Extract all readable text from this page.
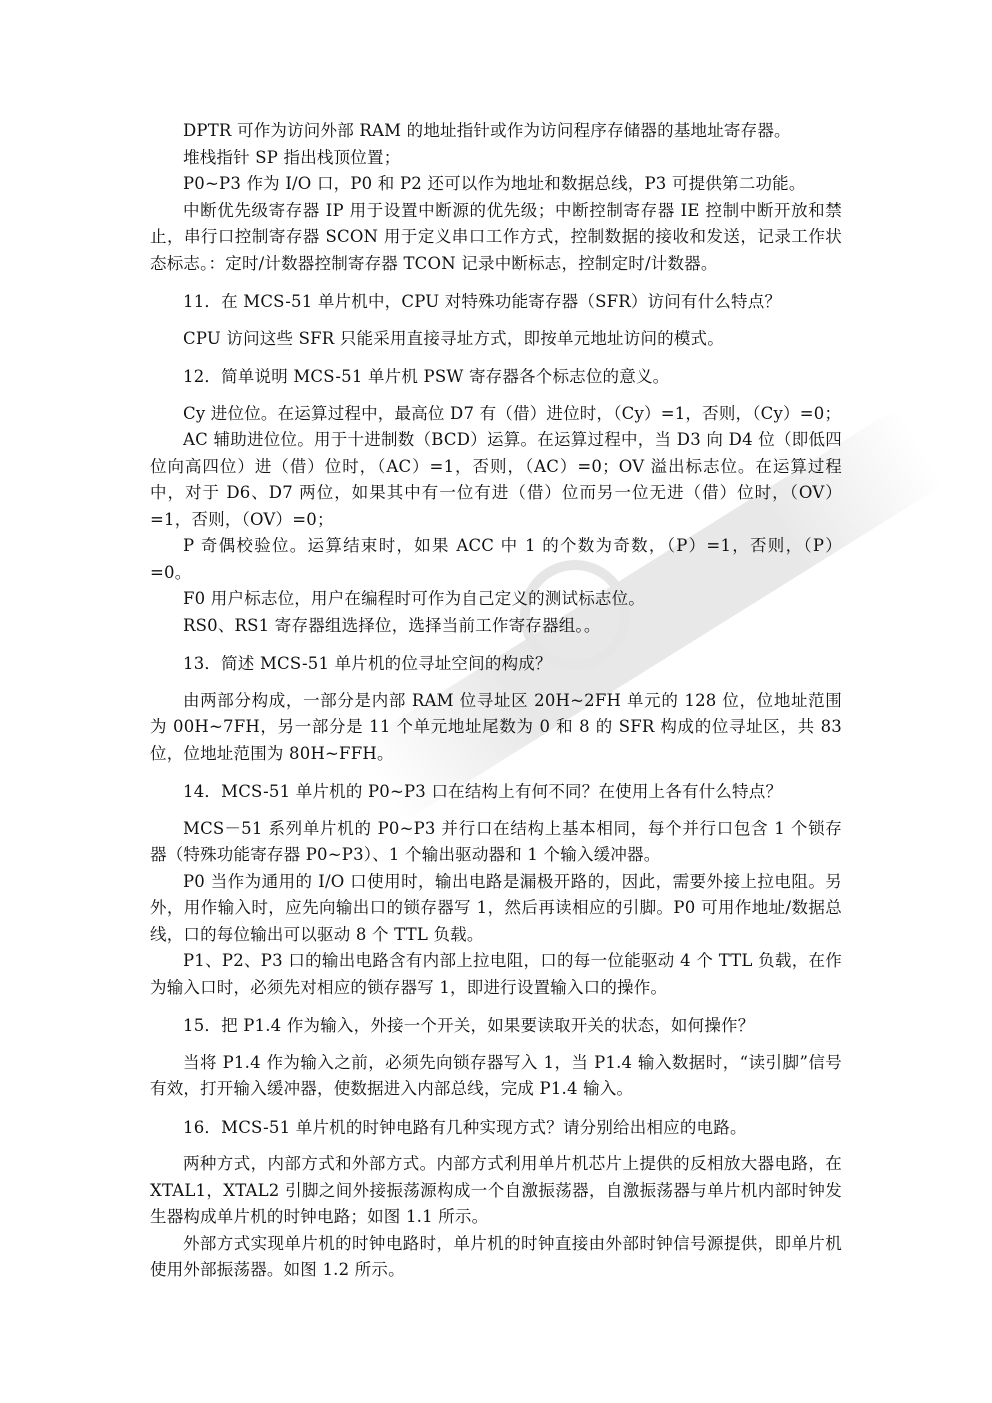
DPTR 可作为访问外部 RAM 的地址指针或作为访问程序存储器的基地址寄存器。

堆栈指针 SP 指出栈顶位置；

P0~P3 作为 I/O 口，P0 和 P2 还可以作为地址和数据总线，P3 可提供第二功能。

中断优先级寄存器 IP 用于设置中断源的优先级；中断控制寄存器 IE 控制中断开放和禁止，串行口控制寄存器 SCON 用于定义串口工作方式，控制数据的接收和发送，记录工作状态标志。：定时/计数器控制寄存器 TCON 记录中断标志，控制定时/计数器。

11．在 MCS-51 单片机中，CPU 对特殊功能寄存器（SFR）访问有什么特点？

CPU 访问这些 SFR 只能采用直接寻址方式，即按单元地址访问的模式。

12．简单说明 MCS-51 单片机 PSW 寄存器各个标志位的意义。

Cy 进位位。在运算过程中，最高位 D7 有（借）进位时，（Cy）=1，否则，（Cy）=0；

AC 辅助进位位。用于十进制数（BCD）运算。在运算过程中，当 D3 向 D4 位（即低四位向高四位）进（借）位时，（AC）=1，否则，（AC）=0；OV 溢出标志位。在运算过程中，对于 D6、D7 两位，如果其中有一位有进（借）位而另一位无进（借）位时，（OV）=1，否则，（OV）=0；

P 奇偶校验位。运算结束时，如果 ACC 中 1 的个数为奇数，（P）=1，否则，（P）=0。

F0 用户标志位，用户在编程时可作为自己定义的测试标志位。

RS0、RS1 寄存器组选择位，选择当前工作寄存器组。。

13．简述 MCS-51 单片机的位寻址空间的构成？

由两部分构成，一部分是内部 RAM 位寻址区 20H~2FH 单元的 128 位，位地址范围为 00H~7FH，另一部分是 11 个单元地址尾数为 0 和 8 的 SFR 构成的位寻址区，共 83 位，位地址范围为 80H~FFH。

14．MCS-51 单片机的 P0~P3 口在结构上有何不同？在使用上各有什么特点？

MCS－51 系列单片机的 P0~P3 并行口在结构上基本相同，每个并行口包含 1 个锁存器（特殊功能寄存器 P0~P3）、1 个输出驱动器和 1 个输入缓冲器。

P0 当作为通用的 I/O 口使用时，输出电路是漏极开路的，因此，需要外接上拉电阻。另外，用作输入时，应先向输出口的锁存器写 1，然后再读相应的引脚。P0 可用作地址/数据总线，口的每位输出可以驱动 8 个 TTL 负载。

P1、P2、P3 口的输出电路含有内部上拉电阻，口的每一位能驱动 4 个 TTL 负载，在作为输入口时，必须先对相应的锁存器写 1，即进行设置输入口的操作。

15．把 P1.4 作为输入，外接一个开关，如果要读取开关的状态，如何操作？

当将 P1.4 作为输入之前，必须先向锁存器写入 1，当 P1.4 输入数据时，“读引脚”信号有效，打开输入缓冲器，使数据进入内部总线，完成 P1.4 输入。

16．MCS-51 单片机的时钟电路有几种实现方式？请分别给出相应的电路。

两种方式，内部方式和外部方式。内部方式利用单片机芯片上提供的反相放大器电路，在 XTAL1，XTAL2 引脚之间外接振荡源构成一个自激振荡器，自激振荡器与单片机内部时钟发生器构成单片机的时钟电路；如图 1.1 所示。

外部方式实现单片机的时钟电路时，单片机的时钟直接由外部时钟信号源提供，即单片机使用外部振荡器。如图 1.2 所示。
